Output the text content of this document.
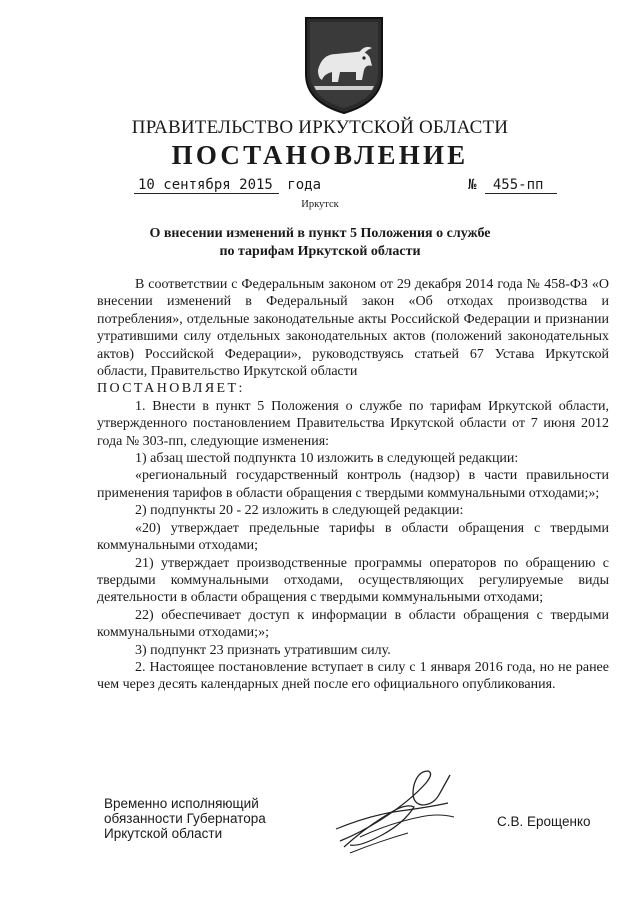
ПРАВИТЕЛЬСТВО ИРКУТСКОЙ ОБЛАСТИ
ПОСТАНОВЛЕНИЕ
10 сентября 2015 года	№ 455-пп
Иркутск
О внесении изменений в пункт 5 Положения о службе
по тарифам Иркутской области

В соответствии с Федеральным законом от 29 декабря 2014 года № 458-ФЗ «О внесении изменений в Федеральный закон «Об отходах производства и потребления», отдельные законодательные акты Российской Федерации и признании утратившими силу отдельных законодательных актов (положений законодательных актов) Российской Федерации», руководствуясь статьей 67 Устава Иркутской области, Правительство Иркутской области

ПОСТАНОВЛЯЕТ:

1. Внести в пункт 5 Положения о службе по тарифам Иркутской области, утвержденного постановлением Правительства Иркутской области от 7 июня 2012 года № 303-пп, следующие изменения:

1) абзац шестой подпункта 10 изложить в следующей редакции:

«региональный государственный контроль (надзор) в части правильности применения тарифов в области обращения с твердыми коммунальными отходами;»;

2) подпункты 20 - 22 изложить в следующей редакции:

«20) утверждает предельные тарифы в области обращения с твердыми коммунальными отходами;

21) утверждает производственные программы операторов по обращению с твердыми коммунальными отходами, осуществляющих регулируемые виды деятельности в области обращения с твердыми коммунальными отходами;

22) обеспечивает доступ к информации в области обращения с твердыми коммунальными отходами;»;

3) подпункт 23 признать утратившим силу.

2. Настоящее постановление вступает в силу с 1 января 2016 года, но не ранее чем через десять календарных дней после его официального опубликования.

Временно исполняющий
обязанности Губернатора
Иркутской области
С.В. Ерощенко
